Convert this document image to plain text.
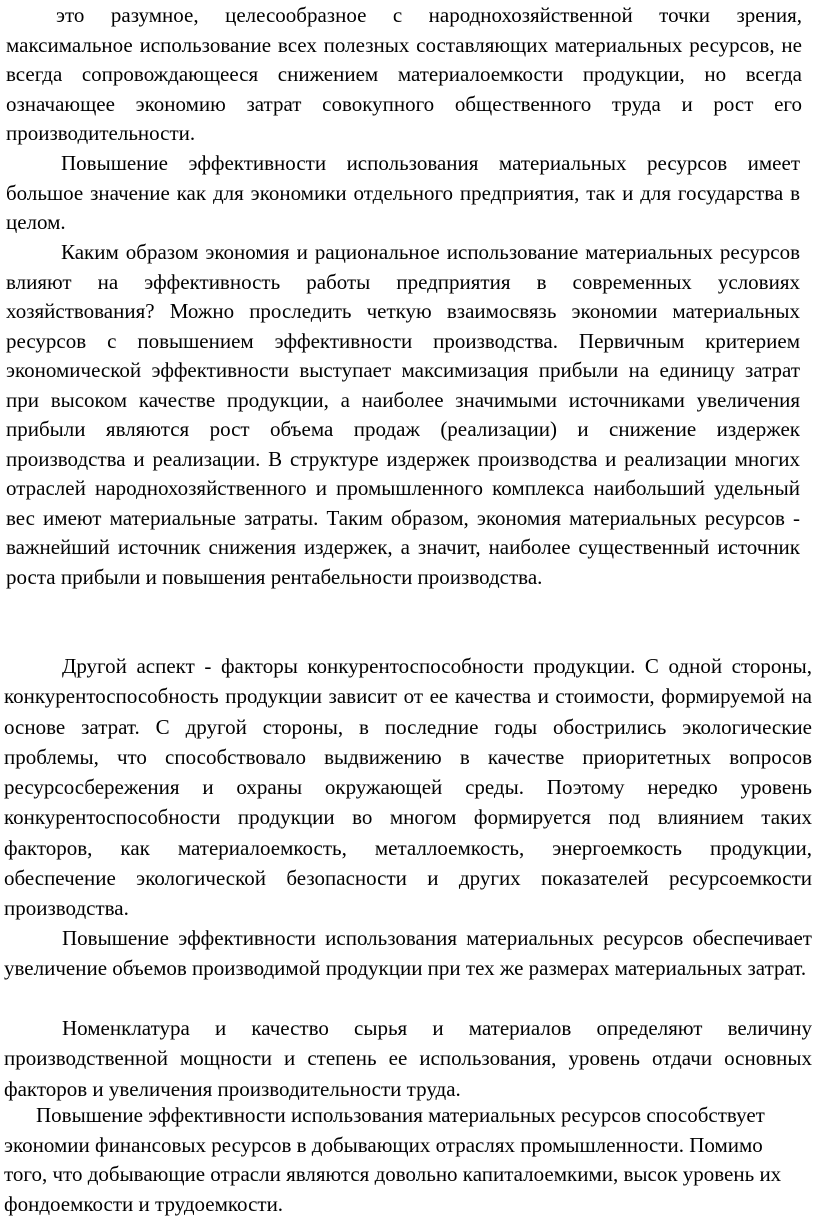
это разумное, целесообразное с народнохозяйственной точки зрения, максимальное использование всех полезных составляющих материальных ресурсов, не всегда сопровождающееся снижением материалоемкости продукции, но всегда означающее экономию затрат совокупного общественного труда и рост его производительности.

Повышение эффективности использования материальных ресурсов имеет большое значение как для экономики отдельного предприятия, так и для государства в целом.

Каким образом экономия и рациональное использование материальных ресурсов влияют на эффективность работы предприятия в современных условиях хозяйствования? Можно проследить четкую взаимосвязь экономии материальных ресурсов с повышением эффективности производства. Первичным критерием экономической эффективности выступает максимизация прибыли на единицу затрат при высоком качестве продукции, а наиболее значимыми источниками увеличения прибыли являются рост объема продаж (реализации) и снижение издержек производства и реализации. В структуре издержек производства и реализации многих отраслей народнохозяйственного и промышленного комплекса наибольший удельный вес имеют материальные затраты. Таким образом, экономия материальных ресурсов - важнейший источник снижения издержек, а значит, наиболее существенный источник роста прибыли и повышения рентабельности производства.

Другой аспект - факторы конкурентоспособности продукции. С одной стороны, конкурентоспособность продукции зависит от ее качества и стоимости, формируемой на основе затрат. С другой стороны, в последние годы обострились экологические проблемы, что способствовало выдвижению в качестве приоритетных вопросов ресурсосбережения и охраны окружающей среды. Поэтому нередко уровень конкурентоспособности продукции во многом формируется под влиянием таких факторов, как материалоемкость, металлоемкость, энергоемкость продукции, обеспечение экологической безопасности и других показателей ресурсоемкости производства.

Повышение эффективности использования материальных ресурсов обеспечивает увеличение объемов производимой продукции при тех же размерах материальных затрат.

Номенклатура и качество сырья и материалов определяют величину производственной мощности и степень ее использования, уровень отдачи основных факторов и увеличения производительности труда.

Повышение эффективности использования материальных ресурсов способствует экономии финансовых ресурсов в добывающих отраслях промышленности. Помимо того, что добывающие отрасли являются довольно капиталоемкими, высок уровень их фондоемкости и трудоемкости.
